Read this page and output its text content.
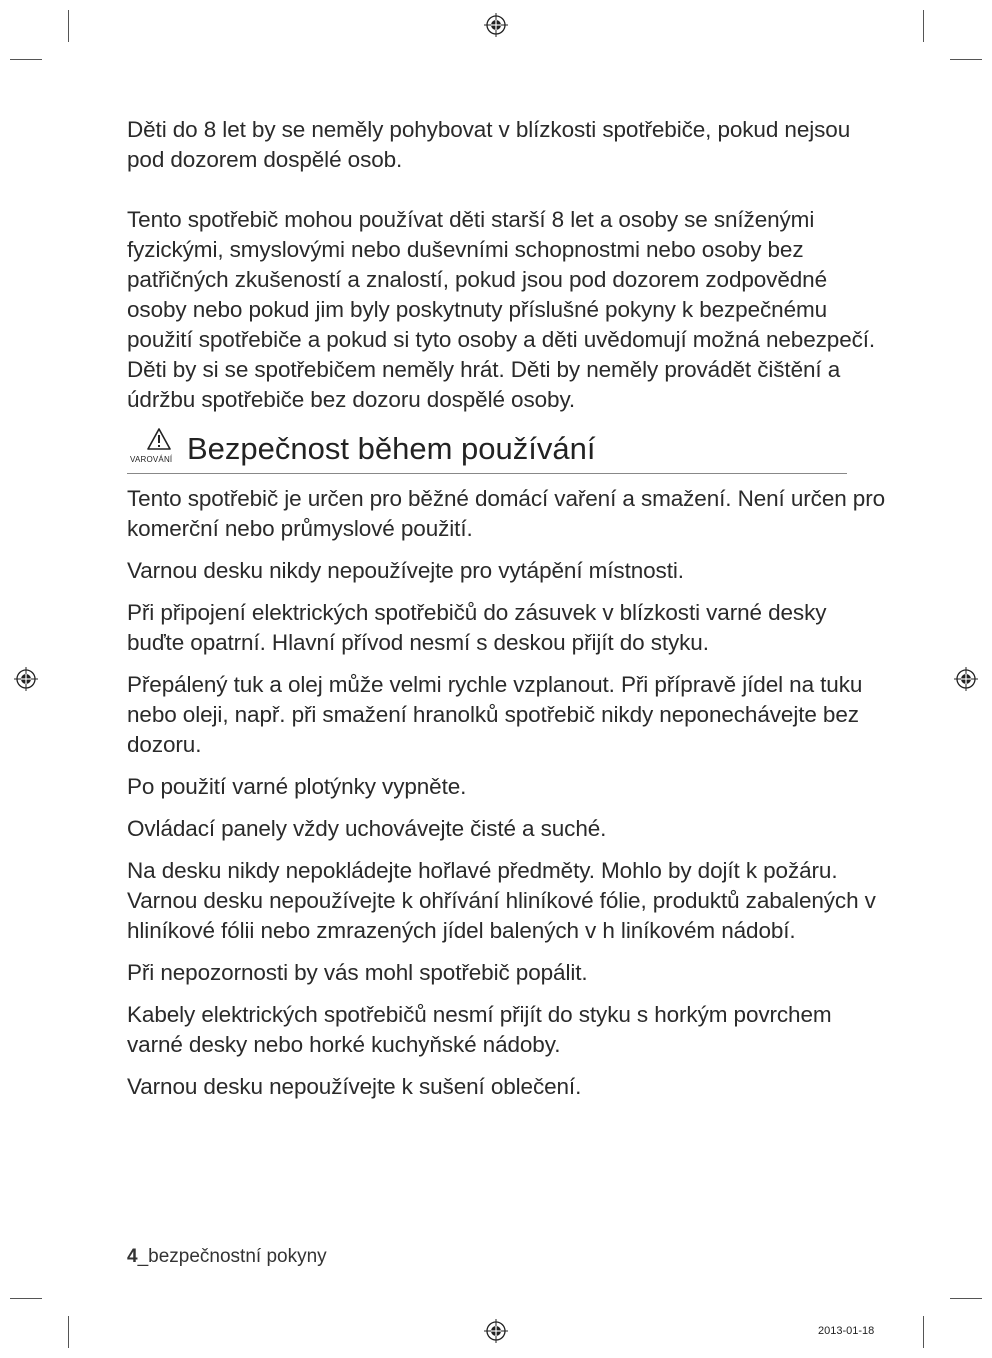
Děti do 8 let by se neměly pohybovat v blízkosti spotřebiče, pokud nejsou pod dozorem dospělé osob.

Tento spotřebič mohou používat děti starší 8 let a osoby se sníženými fyzickými, smyslovými nebo duševními schopnostmi nebo osoby bez patřičných zkušeností a znalostí, pokud jsou pod dozorem zodpovědné osoby nebo pokud jim byly poskytnuty příslušné pokyny k bezpečnému použití spotřebiče a pokud si tyto osoby a děti uvědomují možná nebezpečí. Děti by si se spotřebičem neměly hrát. Děti by neměly provádět čištění a údržbu spotřebiče bez dozoru dospělé osoby.

VAROVÁNÍ Bezpečnost během používání

Tento spotřebič je určen pro běžné domácí vaření a smažení. Není určen pro komerční nebo průmyslové použití.

Varnou desku nikdy nepoužívejte pro vytápění místnosti.

Při připojení elektrických spotřebičů do zásuvek v blízkosti varné desky buďte opatrní. Hlavní přívod nesmí s deskou přijít do styku.

Přepálený tuk a olej může velmi rychle vzplanout. Při přípravě jídel na tuku nebo oleji, např. při smažení hranolků spotřebič nikdy neponechávejte bez dozoru.

Po použití varné plotýnky vypněte.

Ovládací panely vždy uchovávejte čisté a suché.

Na desku nikdy nepokládejte hořlavé předměty. Mohlo by dojít k požáru.

Varnou desku nepoužívejte k ohřívání hliníkové fólie, produktů zabalených v hliníkové fólii nebo zmrazených jídel balených v h liníkovém nádobí.

Při nepozornosti by vás mohl spotřebič popálit.

Kabely elektrických spotřebičů nesmí přijít do styku s horkým povrchem varné desky nebo horké kuchyňské nádoby.

Varnou desku nepoužívejte k sušení oblečení.

4_bezpečnostní pokyny
2013-01-18
